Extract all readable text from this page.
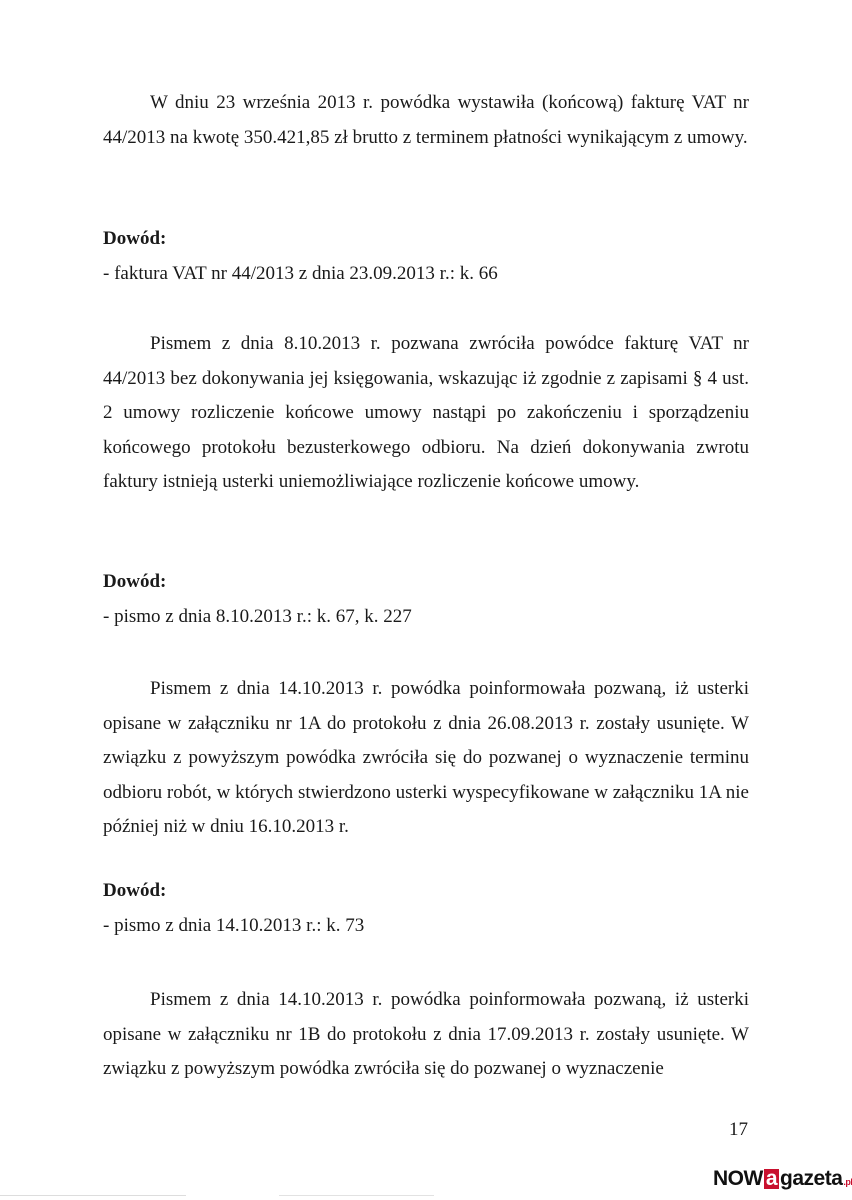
W dniu 23 września 2013 r. powódka wystawiła (końcową) fakturę VAT nr 44/2013 na kwotę 350.421,85 zł brutto z terminem płatności wynikającym z umowy.

Dowód:

- faktura VAT nr 44/2013 z dnia 23.09.2013 r.: k. 66

Pismem z dnia 8.10.2013 r. pozwana zwróciła powódce fakturę VAT nr 44/2013 bez dokonywania jej księgowania, wskazując iż zgodnie z zapisami § 4 ust. 2 umowy rozliczenie końcowe umowy nastąpi po zakończeniu i sporządzeniu końcowego protokołu bezusterkowego odbioru. Na dzień dokonywania zwrotu faktury istnieją usterki uniemożliwiające rozliczenie końcowe umowy.

Dowód:

- pismo z dnia 8.10.2013 r.: k. 67, k. 227

Pismem z dnia 14.10.2013 r. powódka poinformowała pozwaną, iż usterki opisane w załączniku nr 1A do protokołu z dnia 26.08.2013 r. zostały usunięte. W związku z powyższym powódka zwróciła się do pozwanej o wyznaczenie terminu odbioru robót, w których stwierdzono usterki wyspecyfikowane w załączniku 1A nie później niż w dniu 16.10.2013 r.

Dowód:

- pismo z dnia 14.10.2013 r.: k. 73

Pismem z dnia 14.10.2013 r. powódka poinformowała pozwaną, iż usterki opisane w załączniku nr 1B do protokołu z dnia 17.09.2013 r. zostały usunięte. W związku z powyższym powódka zwróciła się do pozwanej o wyznaczenie

17
NOW a gazeta .pl
